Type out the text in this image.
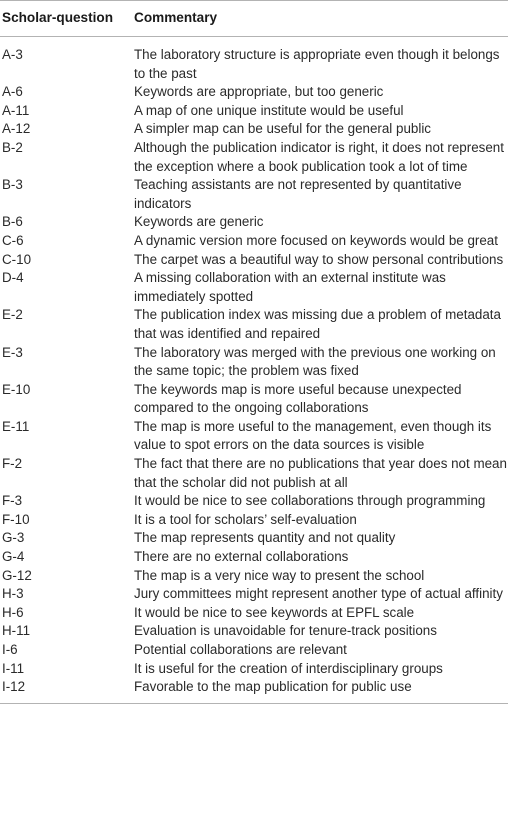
Scholar-question	Commentary
A-3	The laboratory structure is appropriate even though it belongs to the past
A-6	Keywords are appropriate, but too generic
A-11	A map of one unique institute would be useful
A-12	A simpler map can be useful for the general public
B-2	Although the publication indicator is right, it does not represent the exception where a book publication took a lot of time
B-3	Teaching assistants are not represented by quantitative indicators
B-6	Keywords are generic
C-6	A dynamic version more focused on keywords would be great
C-10	The carpet was a beautiful way to show personal contributions
D-4	A missing collaboration with an external institute was immediately spotted
E-2	The publication index was missing due a problem of metadata that was identified and repaired
E-3	The laboratory was merged with the previous one working on the same topic; the problem was fixed
E-10	The keywords map is more useful because unexpected compared to the ongoing collaborations
E-11	The map is more useful to the management, even though its value to spot errors on the data sources is visible
F-2	The fact that there are no publications that year does not mean that the scholar did not publish at all
F-3	It would be nice to see collaborations through programming
F-10	It is a tool for scholars’ self-evaluation
G-3	The map represents quantity and not quality
G-4	There are no external collaborations
G-12	The map is a very nice way to present the school
H-3	Jury committees might represent another type of actual affinity
H-6	It would be nice to see keywords at EPFL scale
H-11	Evaluation is unavoidable for tenure-track positions
I-6	Potential collaborations are relevant
I-11	It is useful for the creation of interdisciplinary groups
I-12	Favorable to the map publication for public use
